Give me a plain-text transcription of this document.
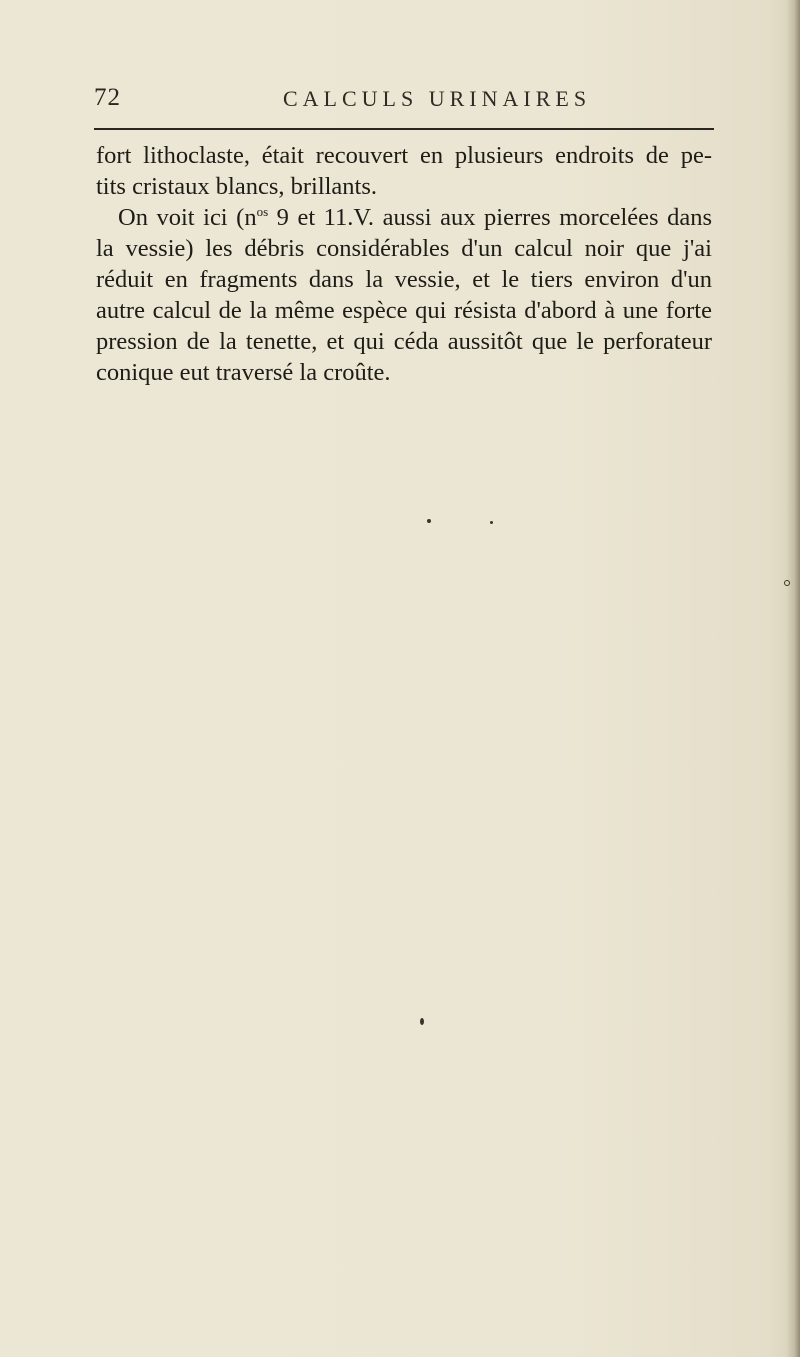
72	CALCULS URINAIRES
fort lithoclaste, était recouvert en plusieurs endroits de pe-
tits cristaux blancs, brillants.
On voit ici ($n^{os}$ 9 et 11.V. aussi aux pierres morcelées dans
la vessie) les débris considérables d'un calcul noir que j'ai
réduit en fragments dans la vessie, et le tiers environ d'un
autre calcul de la même espèce qui résista d'abord à une forte
pression de la tenette, et qui céda aussitôt que le perforateur
conique eut traversé la croûte.
